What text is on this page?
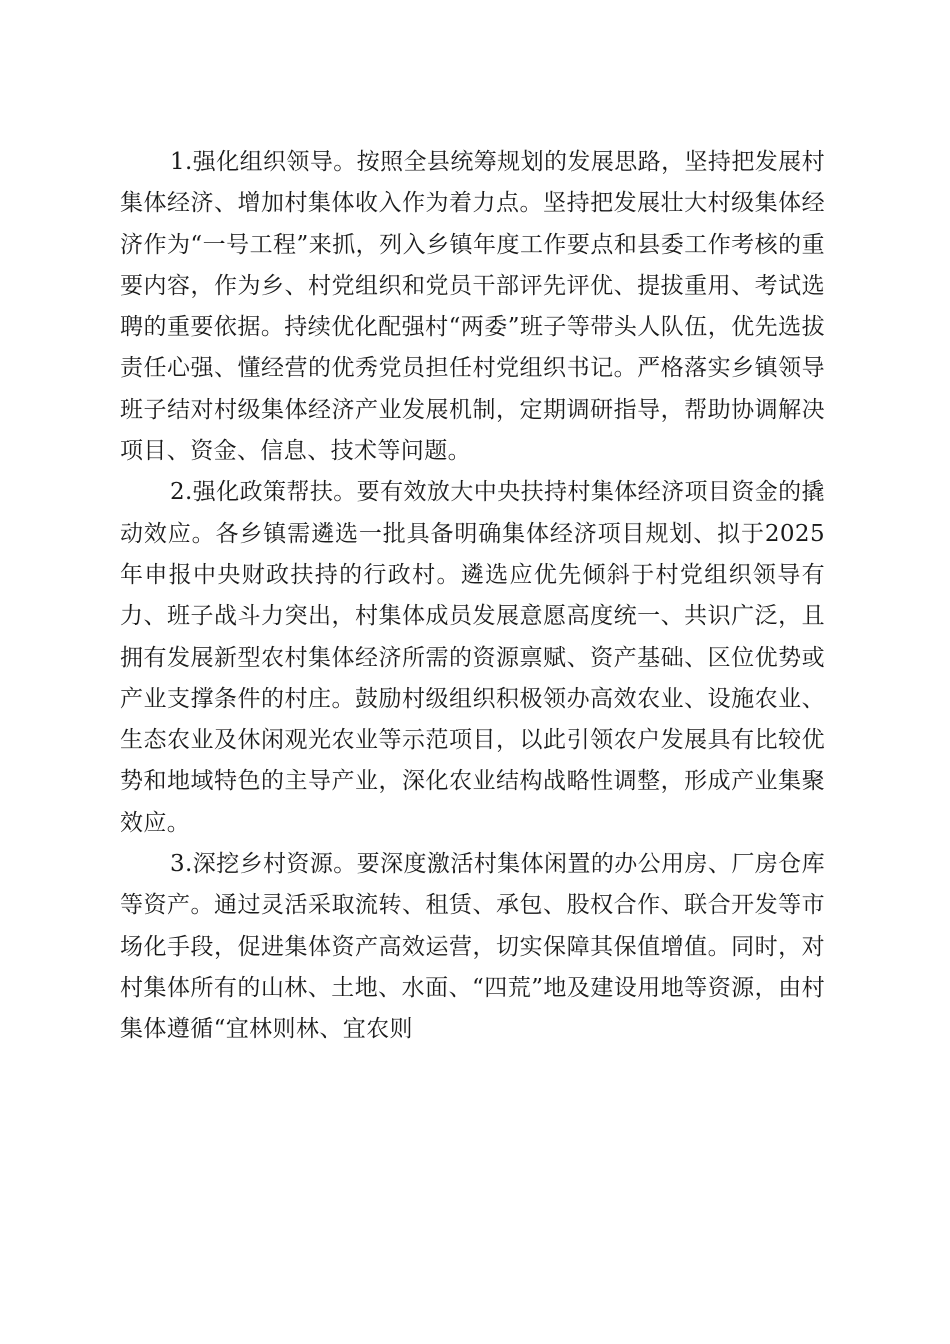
1.强化组织领导。按照全县统筹规划的发展思路，坚持把发展村集体经济、增加村集体收入作为着力点。坚持把发展壮大村级集体经济作为“一号工程”来抓，列入乡镇年度工作要点和县委工作考核的重要内容，作为乡、村党组织和党员干部评先评优、提拔重用、考试选聘的重要依据。持续优化配强村“两委”班子等带头人队伍，优先选拔责任心强、懂经营的优秀党员担任村党组织书记。严格落实乡镇领导班子结对村级集体经济产业发展机制，定期调研指导，帮助协调解决项目、资金、信息、技术等问题。

2.强化政策帮扶。要有效放大中央扶持村集体经济项目资金的撬动效应。各乡镇需遴选一批具备明确集体经济项目规划、拟于2025年申报中央财政扶持的行政村。遴选应优先倾斜于村党组织领导有力、班子战斗力突出，村集体成员发展意愿高度统一、共识广泛，且拥有发展新型农村集体经济所需的资源禀赋、资产基础、区位优势或产业支撑条件的村庄。鼓励村级组织积极领办高效农业、设施农业、生态农业及休闲观光农业等示范项目，以此引领农户发展具有比较优势和地域特色的主导产业，深化农业结构战略性调整，形成产业集聚效应。

3.深挖乡村资源。要深度激活村集体闲置的办公用房、厂房仓库等资产。通过灵活采取流转、租赁、承包、股权合作、联合开发等市场化手段，促进集体资产高效运营，切实保障其保值增值。同时，对村集体所有的山林、土地、水面、“四荒”地及建设用地等资源，由村集体遵循“宜林则林、宜农则
